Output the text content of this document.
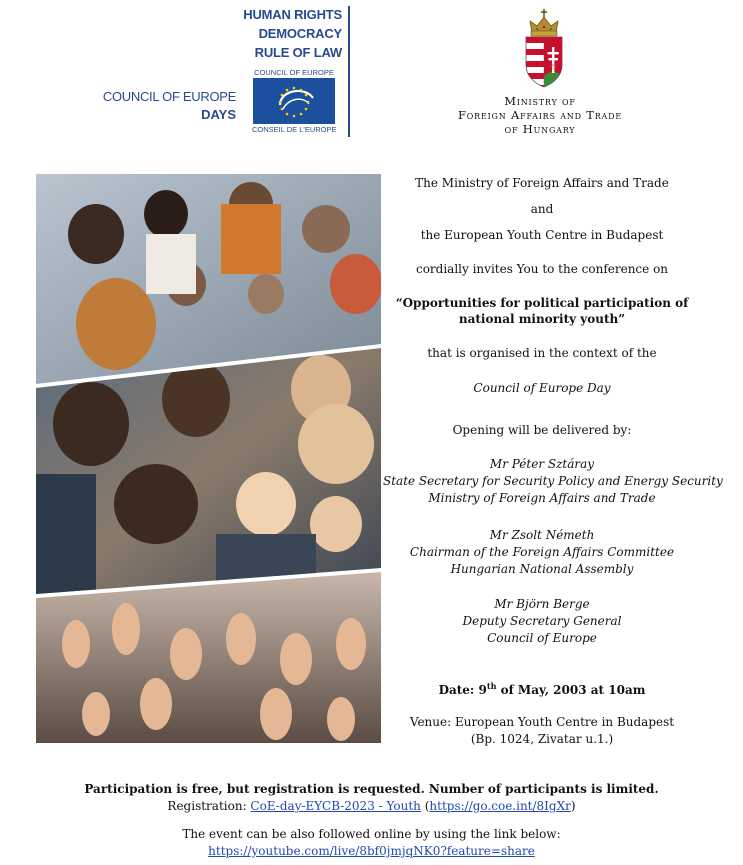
HUMAN RIGHTS
DEMOCRACY
RULE OF LAW
COUNCIL OF EUROPE
DAYS
COUNCIL OF EUROPE
CONSEIL DE L'EUROPE
Ministry of
Foreign Affairs and Trade
of Hungary
The Ministry of Foreign Affairs and Trade
and
the European Youth Centre in Budapest
cordially invites You to the conference on
“Opportunities for political participation of
national minority youth”
that is organised in the context of the
Council of Europe Day
Opening will be delivered by:
Mr Péter Sztáray
State Secretary for Security Policy and Energy Security
Ministry of Foreign Affairs and Trade
Mr Zsolt Németh
Chairman of the Foreign Affairs Committee
Hungarian National Assembly
Mr Björn Berge
Deputy Secretary General
Council of Europe
Date: 9th of May, 2003 at 10am
Venue: European Youth Centre in Budapest
(Bp. 1024, Zivatar u.1.)
Participation is free, but registration is requested. Number of participants is limited.
Registration: CoE-day-EYCB-2023 - Youth (https://go.coe.int/8IgXr)
The event can be also followed online by using the link below:
https://youtube.com/live/8bf0jmjqNK0?feature=share
